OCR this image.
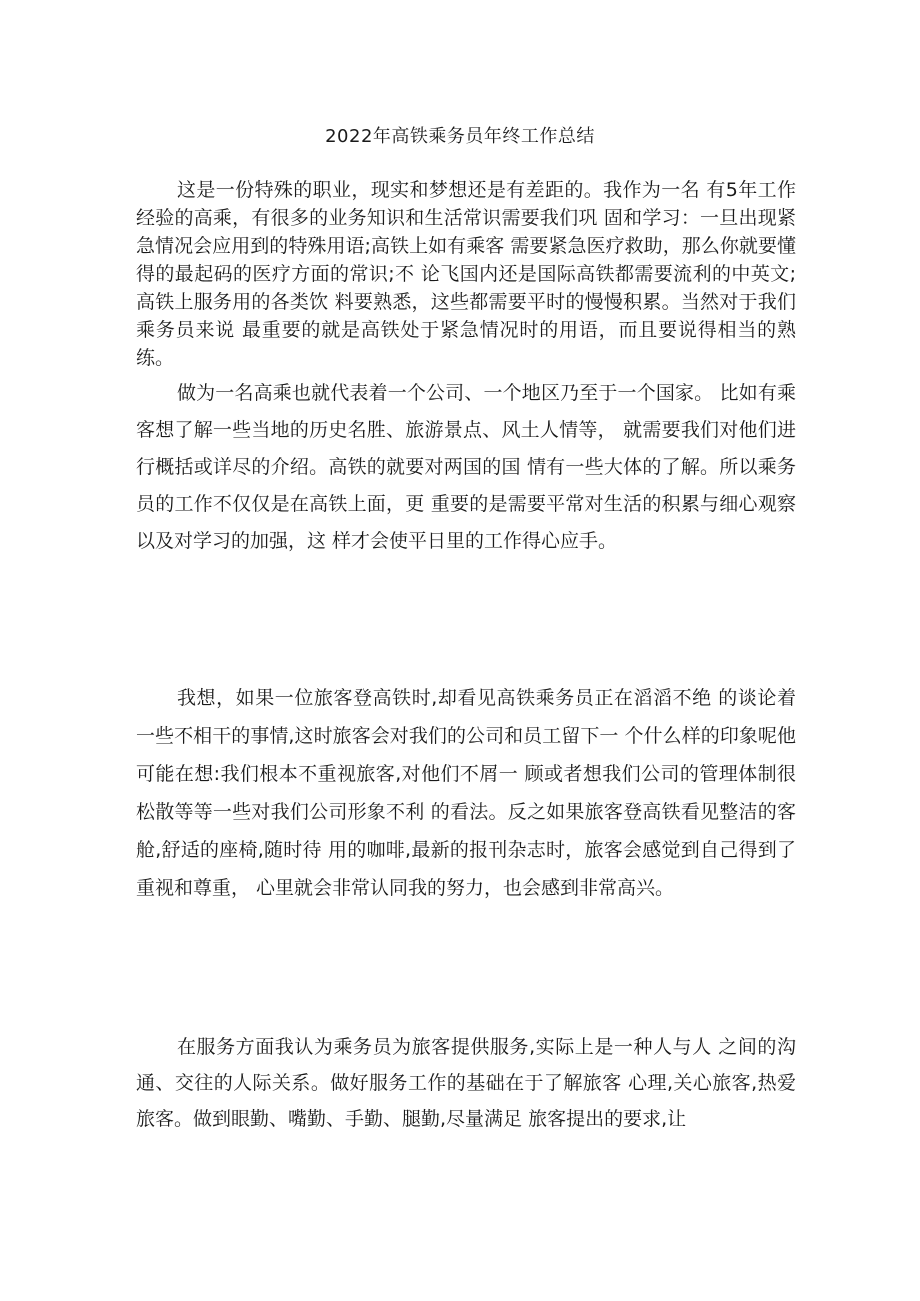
2022年高铁乘务员年终工作总结

这是一份特殊的职业，现实和梦想还是有差距的。我作为一名 有5年工作经验的高乘，有很多的业务知识和生活常识需要我们巩 固和学习：一旦出现紧急情况会应用到的特殊用语;高铁上如有乘客 需要紧急医疗救助，那么你就要懂得的最起码的医疗方面的常识;不 论飞国内还是国际高铁都需要流利的中英文;高铁上服务用的各类饮 料要熟悉，这些都需要平时的慢慢积累。当然对于我们乘务员来说 最重要的就是高铁处于紧急情况时的用语，而且要说得相当的熟练。

做为一名高乘也就代表着一个公司、一个地区乃至于一个国家。 比如有乘客想了解一些当地的历史名胜、旅游景点、风土人情等， 就需要我们对他们进行概括或详尽的介绍。高铁的就要对两国的国 情有一些大体的了解。所以乘务员的工作不仅仅是在高铁上面，更 重要的是需要平常对生活的积累与细心观察以及对学习的加强，这 样才会使平日里的工作得心应手。

我想，如果一位旅客登高铁时,却看见高铁乘务员正在滔滔不绝 的谈论着一些不相干的事情,这时旅客会对我们的公司和员工留下一 个什么样的印象呢他可能在想:我们根本不重视旅客,对他们不屑一 顾或者想我们公司的管理体制很松散等等一些对我们公司形象不利 的看法。反之如果旅客登高铁看见整洁的客舱,舒适的座椅,随时待 用的咖啡,最新的报刊杂志时，旅客会感觉到自己得到了重视和尊重， 心里就会非常认同我的努力，也会感到非常高兴。

在服务方面我认为乘务员为旅客提供服务,实际上是一种人与人 之间的沟通、交往的人际关系。做好服务工作的基础在于了解旅客 心理,关心旅客,热爱旅客。做到眼勤、嘴勤、手勤、腿勤,尽量满足 旅客提出的要求,让
